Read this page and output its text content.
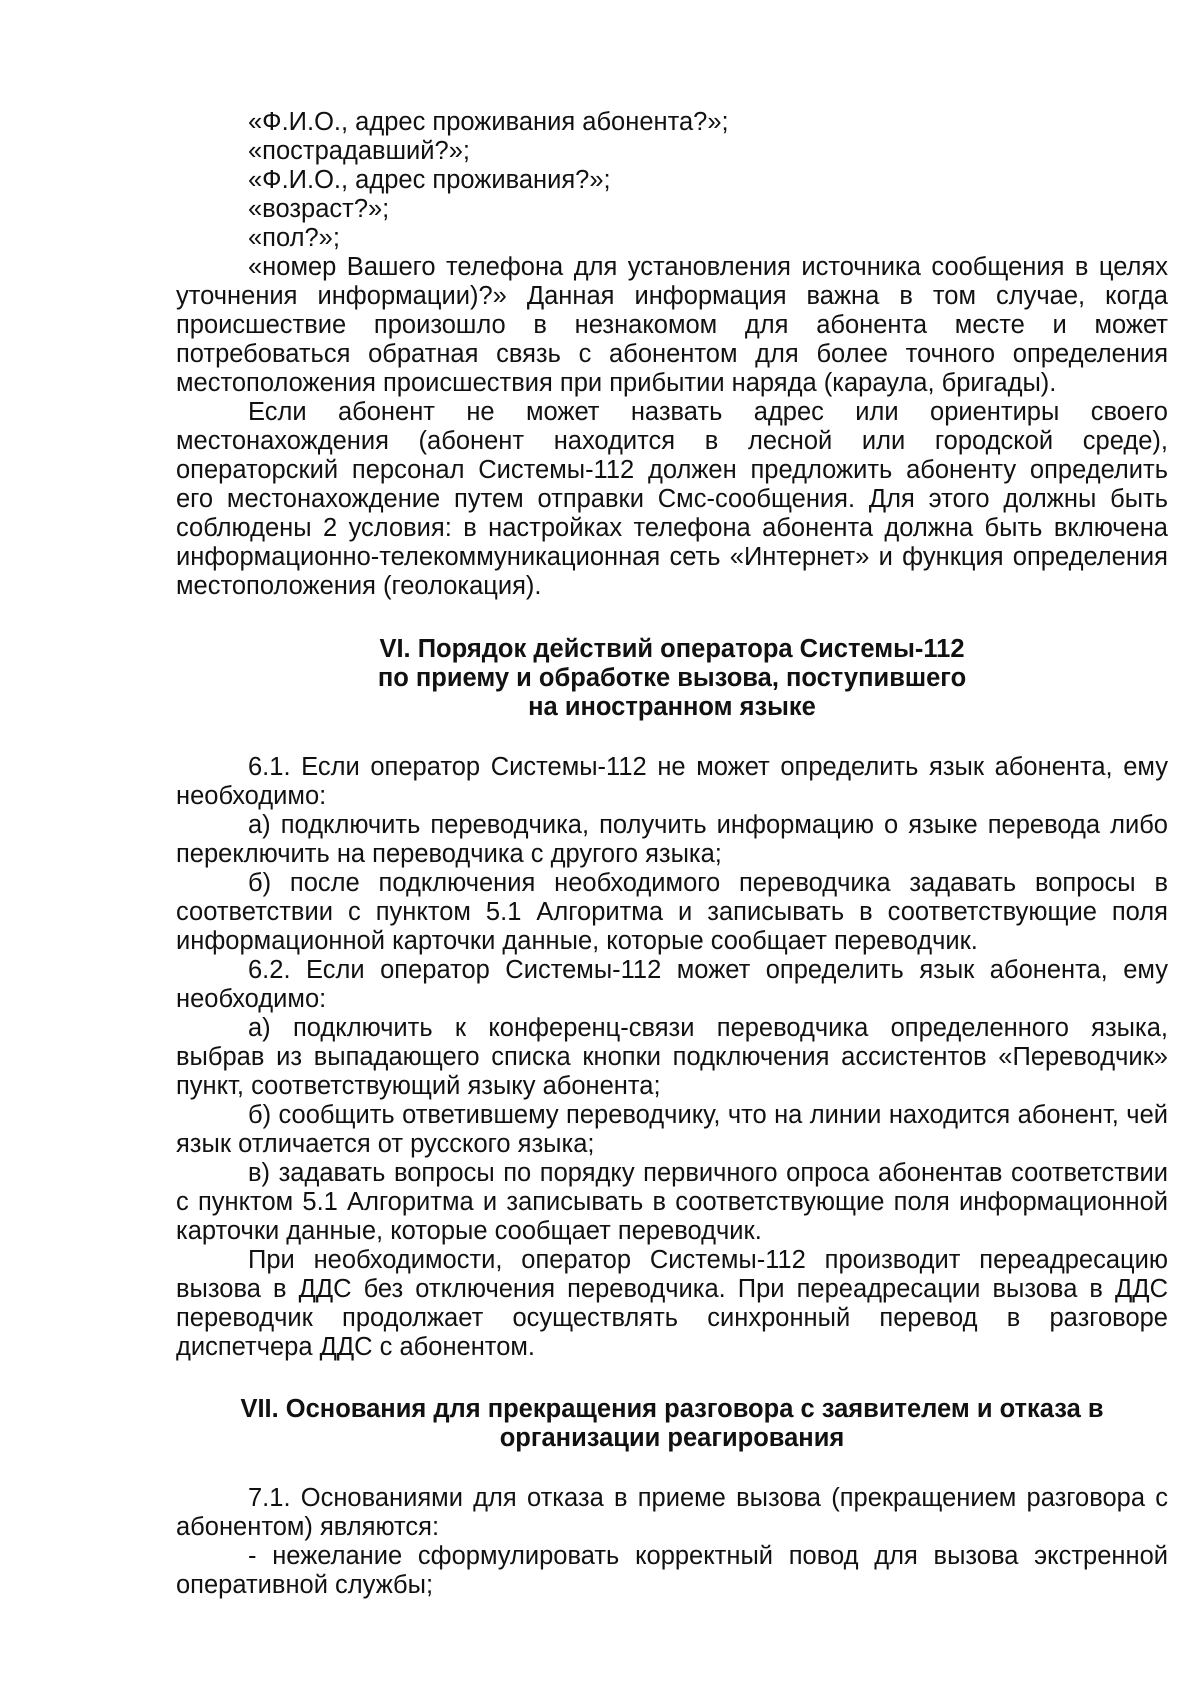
«Ф.И.О., адрес проживания абонента?»;

«пострадавший?»;

«Ф.И.О., адрес проживания?»;

«возраст?»;

«пол?»;

«номер Вашего телефона для установления источника сообщения в целях уточнения информации)?» Данная информация важна в том случае, когда происшествие произошло в незнакомом для абонента месте и может потребоваться обратная связь с абонентом для более точного определения местоположения происшествия при прибытии наряда (караула, бригады).

Если абонент не может назвать адрес или ориентиры своего местонахождения (абонент находится в лесной или городской среде), операторский персонал Системы-112 должен предложить абоненту определить его местонахождение путем отправки Смс-сообщения. Для этого должны быть соблюдены 2 условия: в настройках телефона абонента должна быть включена информационно-телекоммуникационная сеть «Интернет» и функция определения местоположения (геолокация).

VI. Порядок действий оператора Системы-112
по приему и обработке вызова, поступившего
на иностранном языке

6.1. Если оператор Системы-112 не может определить язык абонента, ему необходимо:

а) подключить переводчика, получить информацию о языке перевода либо переключить на переводчика с другого языка;

б) после подключения необходимого переводчика задавать вопросы в соответствии с пунктом 5.1 Алгоритма и записывать в соответствующие поля информационной карточки данные, которые сообщает переводчик.

6.2. Если оператор Системы-112 может определить язык абонента, ему необходимо:

а) подключить к конференц-связи переводчика определенного языка, выбрав из выпадающего списка кнопки подключения ассистентов «Переводчик» пункт, соответствующий языку абонента;

б) сообщить ответившему переводчику, что на линии находится абонент, чей язык отличается от русского языка;

в) задавать вопросы по порядку первичного опроса абонентав соответствии с пунктом 5.1 Алгоритма и записывать в соответствующие поля информационной карточки данные, которые сообщает переводчик.

При необходимости, оператор Системы-112 производит переадресацию вызова в ДДС без отключения переводчика. При переадресации вызова в ДДС переводчик продолжает осуществлять синхронный перевод в разговоре диспетчера ДДС с абонентом.

VII. Основания для прекращения разговора с заявителем и отказа в
организации реагирования

7.1. Основаниями для отказа в приеме вызова (прекращением разговора с абонентом) являются:

- нежелание сформулировать корректный повод для вызова экстренной оперативной службы;
